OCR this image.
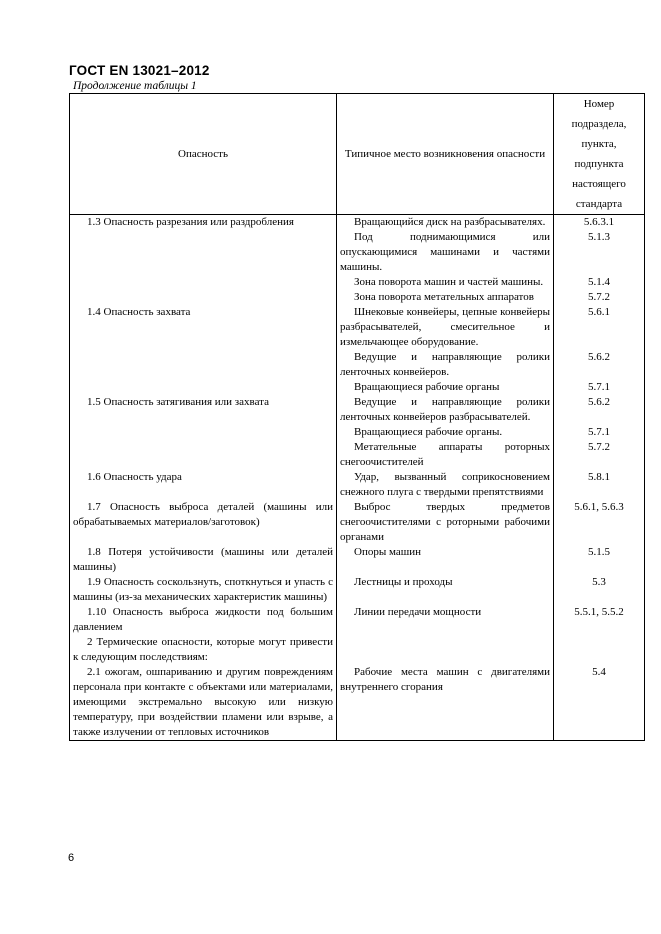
ГОСТ EN 13021–2012
Продолжение таблицы 1
Опасность	Типичное место возникновения опасности	Номер подраздела, пункта, подпункта настоящего стандарта
1.3 Опасность разрезания или раздробления	Вращающийся диск на разбрасывателях.	5.6.3.1
	Под поднимающимися или опускающимися машинами и частями машины.	5.1.3
	Зона поворота машин и частей машины.	5.1.4
	Зона поворота метательных аппаратов	5.7.2
1.4 Опасность захвата	Шнековые конвейеры, цепные конвейеры разбрасывателей, смесительное и измельчающее оборудование.	5.6.1
	Ведущие и направляющие ролики ленточных конвейеров.	5.6.2
	Вращающиеся рабочие органы	5.7.1
1.5 Опасность затягивания или захвата	Ведущие и направляющие ролики ленточных конвейеров разбрасывателей.	5.6.2
	Вращающиеся рабочие органы.	5.7.1
	Метательные аппараты роторных снегоочистителей	5.7.2
1.6 Опасность удара	Удар, вызванный соприкосновением снежного плуга с твердыми препятствиями	5.8.1
1.7 Опасность выброса деталей (машины или обрабатываемых материалов/заготовок)	Выброс твердых предметов снегоочистителями с роторными рабочими органами	5.6.1, 5.6.3
1.8 Потеря устойчивости (машины или деталей машины)	Опоры машин	5.1.5
1.9 Опасность соскользнуть, споткнуться и упасть с машины (из-за механических характеристик машины)	Лестницы и проходы	5.3
1.10 Опасность выброса жидкости под большим давлением	Линии передачи мощности	5.5.1, 5.5.2
2 Термические опасности, которые могут привести к следующим последствиям:		
2.1 ожогам, ошпариванию и другим повреждениям персонала при контакте с объектами или материалами, имеющими экстремально высокую или низкую температуру, при воздействии пламени или взрыве, а также излучении от тепловых источников	Рабочие места машин с двигателями внутреннего сгорания	5.4
6
